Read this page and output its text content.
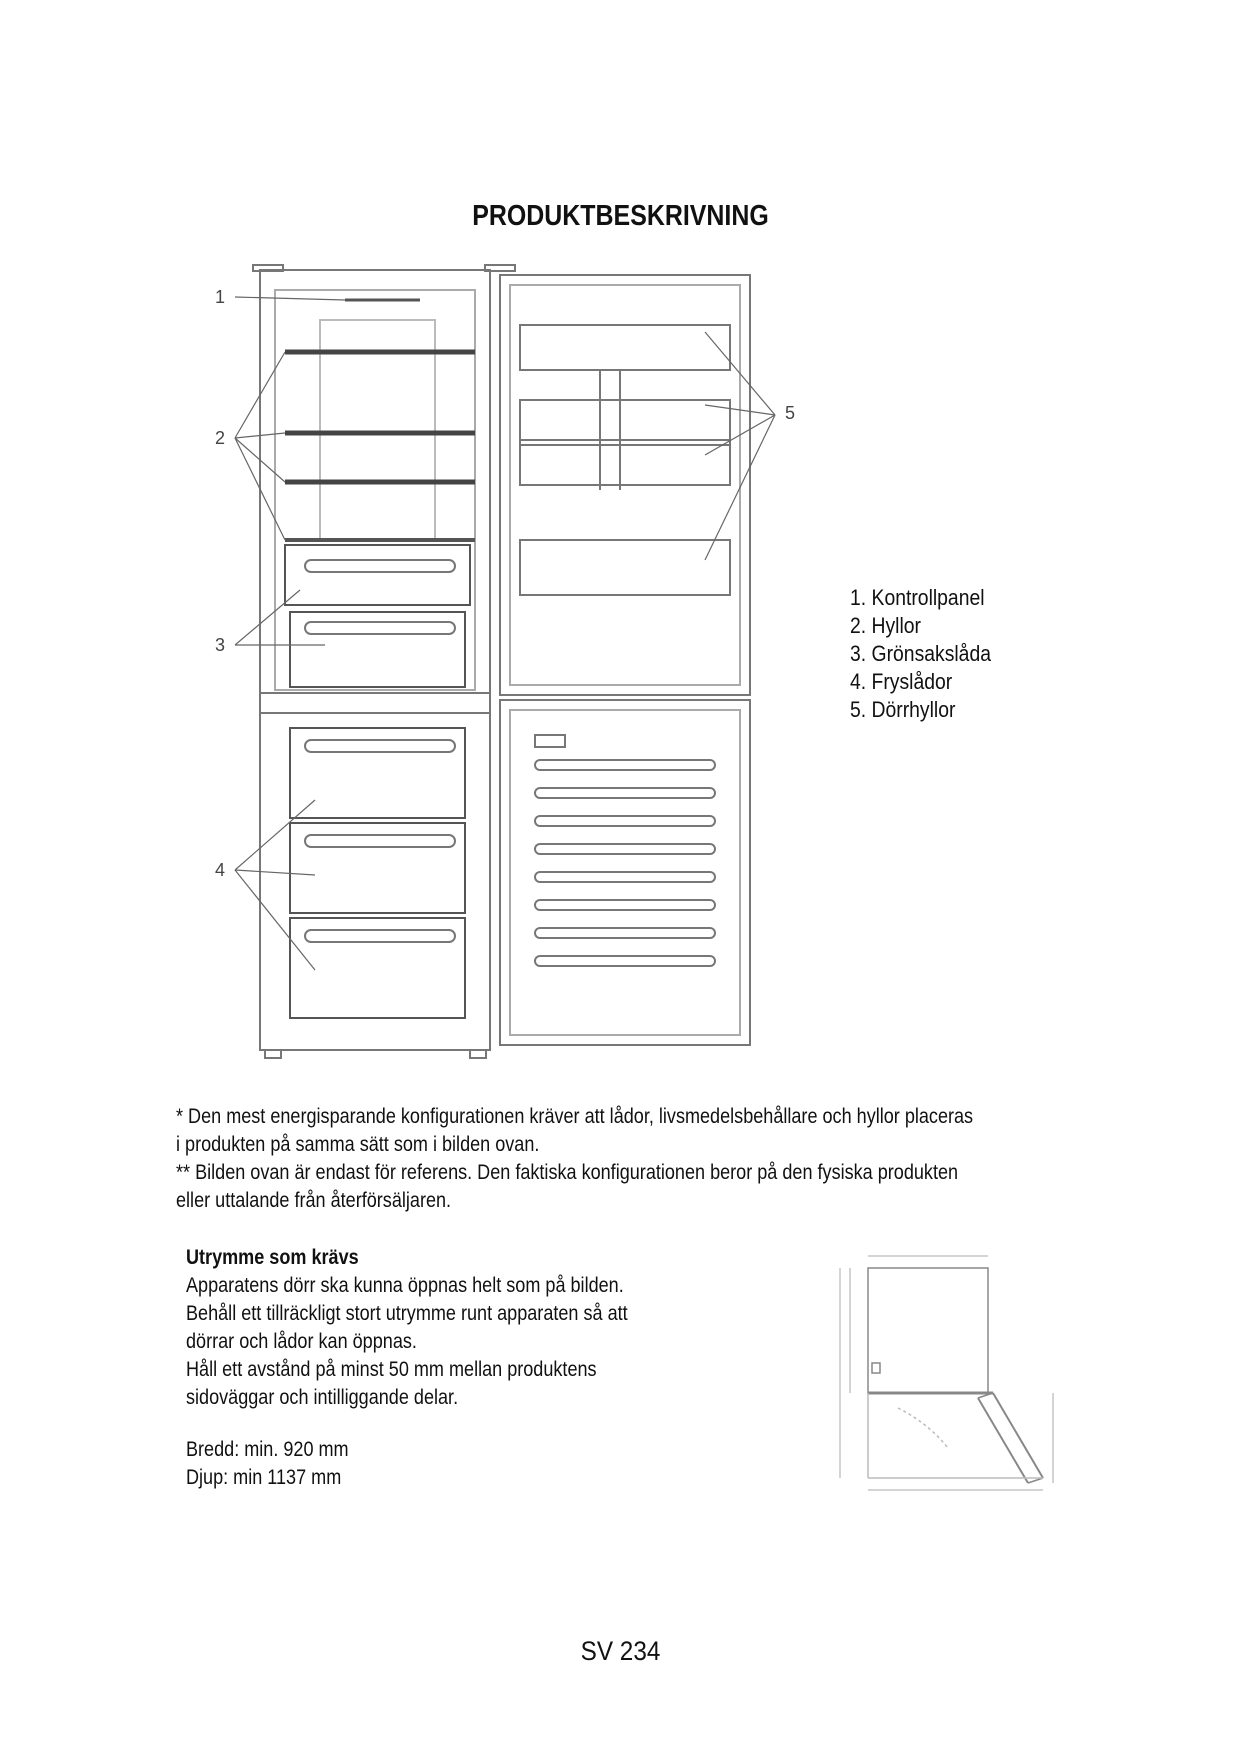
PRODUKTBESKRIVNING
1
2
3
4
5
1. Kontrollpanel
2. Hyllor
3. Grönsakslåda
4. Fryslådor
5. Dörrhyllor
* Den mest energisparande konfigurationen kräver att lådor, livsmedelsbehållare och hyllor placeras
i produkten på samma sätt som i bilden ovan.
** Bilden ovan är endast för referens. Den faktiska konfigurationen beror på den fysiska produkten
eller uttalande från återförsäljaren.
Utrymme som krävs
Apparatens dörr ska kunna öppnas helt som på bilden.
Behåll ett tillräckligt stort utrymme runt apparaten så att
dörrar och lådor kan öppnas.
Håll ett avstånd på minst 50 mm mellan produktens
sidoväggar och intilliggande delar.
Bredd: min. 920 mm
Djup: min 1137 mm
SV 234
